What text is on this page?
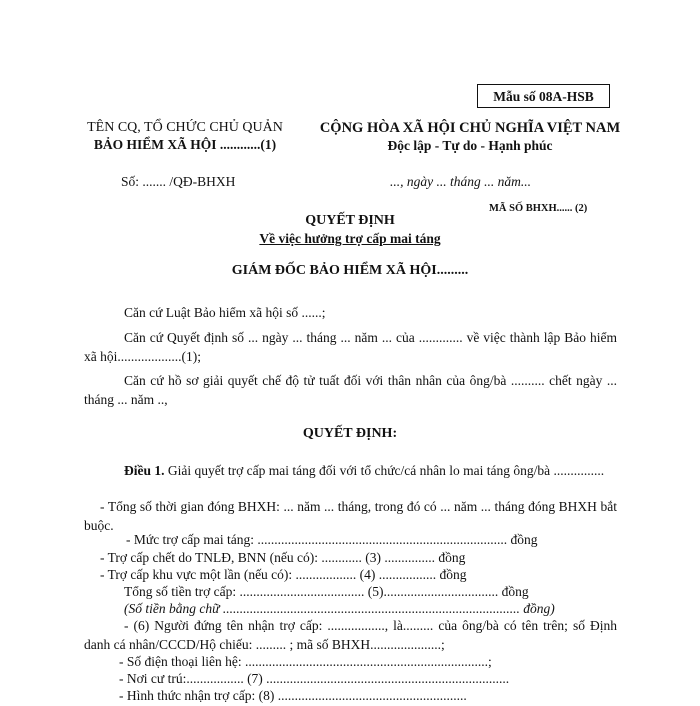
Mẫu số 08A-HSB
TÊN CQ, TỔ CHỨC CHỦ QUẢN
BẢO HIỂM XÃ HỘI ............(1)
CỘNG HÒA XÃ HỘI CHỦ NGHĨA VIỆT NAM
Độc lập - Tự do - Hạnh phúc
Số: ....... /QĐ-BHXH	..., ngày ... tháng ... năm...
MÃ SỐ BHXH...... (2)
QUYẾT ĐỊNH
Về việc hưởng trợ cấp mai táng
GIÁM ĐỐC BẢO HIỂM XÃ HỘI.........
Căn cứ Luật Bảo hiểm xã hội số ......;
Căn cứ Quyết định số ... ngày ... tháng ... năm ... của ............. về việc thành lập Bảo hiểm xã hội...................(1);
Căn cứ hồ sơ giải quyết chế độ tử tuất đối với thân nhân của ông/bà .......... chết ngày ... tháng ... năm ..,
QUYẾT ĐỊNH:
Điều 1. Giải quyết trợ cấp mai táng đối với tổ chức/cá nhân lo mai táng ông/bà ...............
- Tổng số thời gian đóng BHXH: ... năm ... tháng, trong đó có ... năm ... tháng đóng BHXH bắt buộc.
- Mức trợ cấp mai táng: .......................................................................... đồng
- Trợ cấp chết do TNLĐ, BNN (nếu có): ............ (3) ............... đồng
- Trợ cấp khu vực một lần (nếu có): .................. (4) ................. đồng
Tổng số tiền trợ cấp: ..................................... (5).................................. đồng
(Số tiền bằng chữ ........................................................................................ đồng)
- (6) Người đứng tên nhận trợ cấp: ................., là......... của ông/bà có tên trên; số Định danh cá nhân/CCCD/Hộ chiếu: ......... ; mã số BHXH.....................;
- Số điện thoại liên hệ: ........................................................................;
- Nơi cư trú:................. (7) ........................................................................
- Hình thức nhận trợ cấp: (8) ........................................................
